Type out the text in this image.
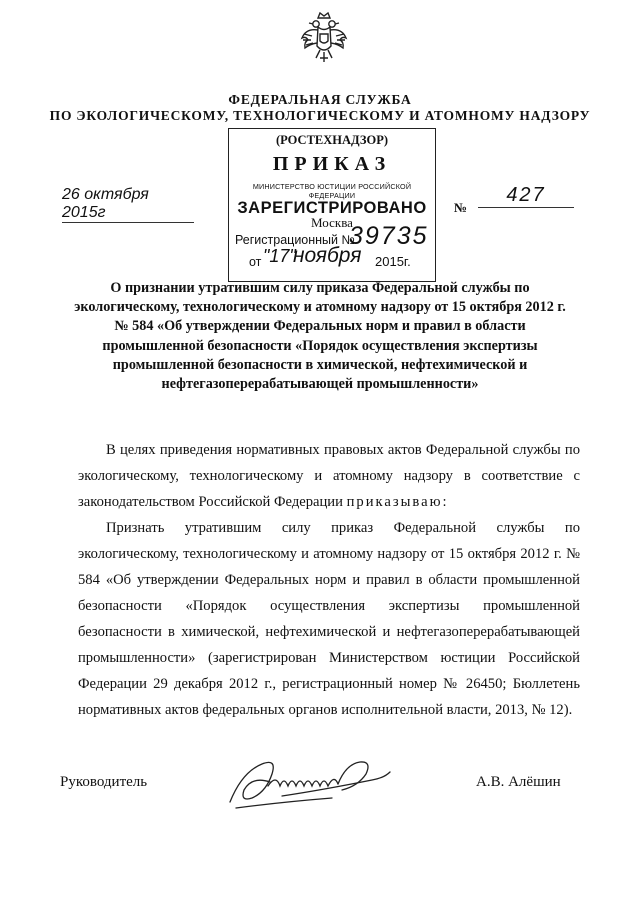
ФЕДЕРАЛЬНАЯ СЛУЖБА
ПО ЭКОЛОГИЧЕСКОМУ, ТЕХНОЛОГИЧЕСКОМУ И АТОМНОМУ НАДЗОРУ
(РОСТЕХНАДЗОР)
ПРИКАЗ
МИНИСТЕРСТВО ЮСТИЦИИ РОССИЙСКОЙ ФЕДЕРАЦИИ
ЗАРЕГИСТРИРОВАНО
Москва
Регистрационный №
39735
от "17"
ноября 2015г.
26 октября 2015г	№
427
О признании утратившим силу приказа Федеральной службы по экологическому, технологическому и атомному надзору от 15 октября 2012 г. № 584 «Об утверждении Федеральных норм и правил в области промышленной безопасности «Порядок осуществления экспертизы промышленной безопасности в химической, нефтехимической и нефтегазоперерабатывающей промышленности»

В целях приведения нормативных правовых актов Федеральной службы по экологическому, технологическому и атомному надзору в соответствие с законодательством Российской Федерации приказываю:

Признать утратившим силу приказ Федеральной службы по экологическому, технологическому и атомному надзору от 15 октября 2012 г. № 584 «Об утверждении Федеральных норм и правил в области промышленной безопасности «Порядок осуществления экспертизы промышленной безопасности в химической, нефтехимической и нефтегазоперерабатывающей промышленности» (зарегистрирован Министерством юстиции Российской Федерации 29 декабря 2012 г., регистрационный номер № 26450; Бюллетень нормативных актов федеральных органов исполнительной власти, 2013, № 12).

Руководитель	А.В. Алёшин
